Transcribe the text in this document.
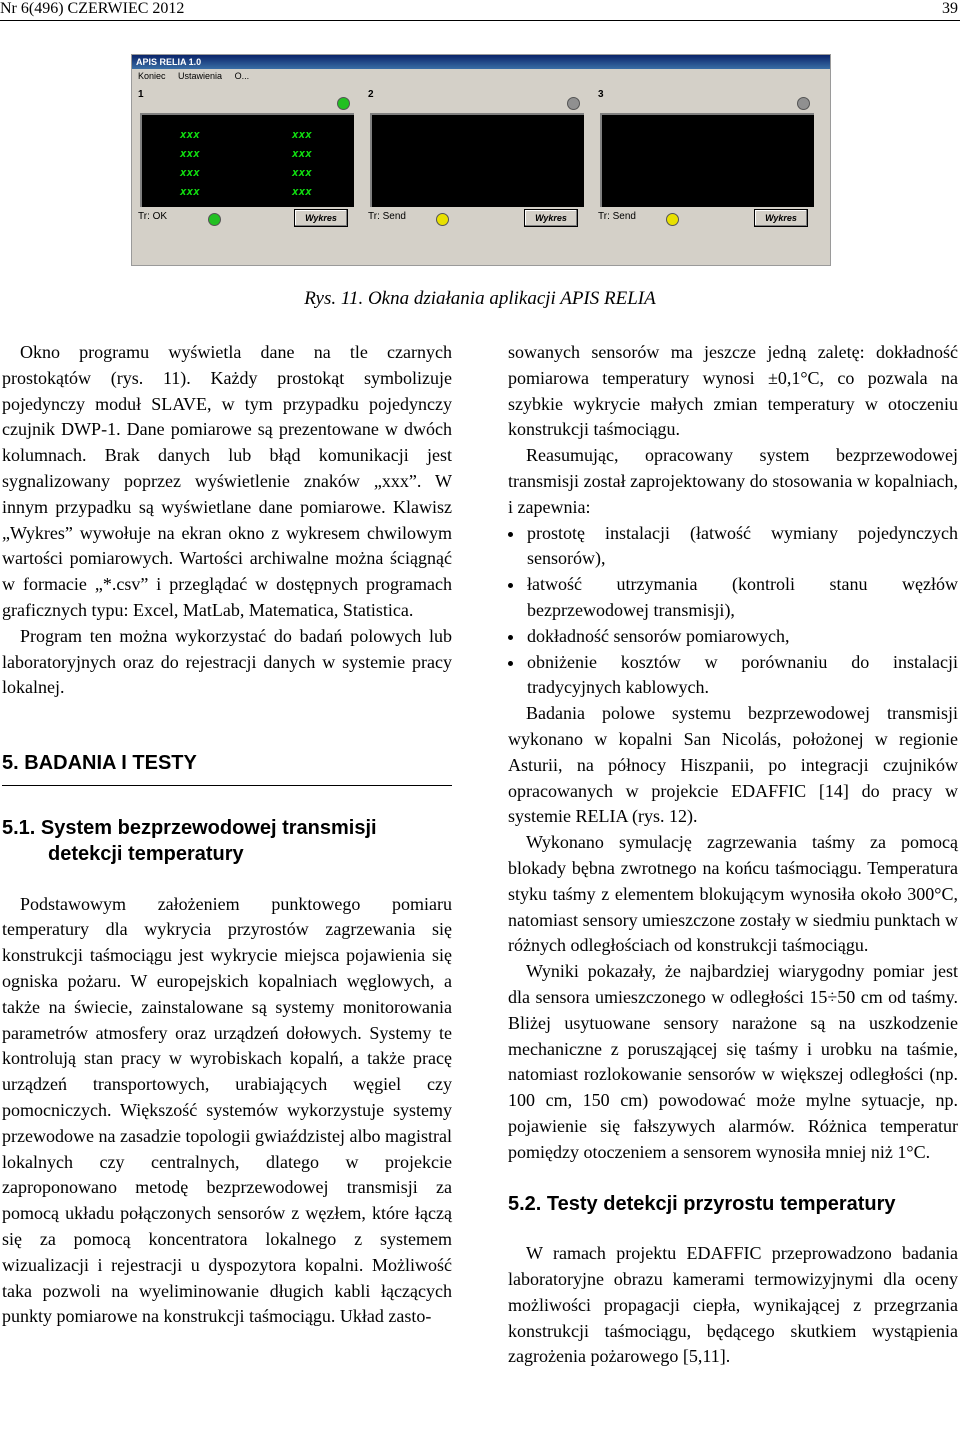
Nr 6(496) CZERWIEC 2012	39
APIS RELIA 1.0
Koniec Ustawienia O...
1
xxx
xxx
xxx
xxx
xxx
xxx
xxx
xxx
Tr: OK	Wykres
2
Tr: Send	Wykres
3
Tr: Send	Wykres
Rys. 11. Okna działania aplikacji APIS RELIA

Okno programu wyświetla dane na tle czarnych prostokątów (rys. 11). Każdy prostokąt symbolizuje pojedynczy moduł SLAVE, w tym przypadku pojedynczy czujnik DWP-1. Dane pomiarowe są prezentowane w dwóch kolumnach. Brak danych lub błąd komunikacji jest sygnalizowany poprzez wyświetlenie znaków „xxx”. W innym przypadku są wyświetlane dane pomiarowe. Klawisz „Wykres” wywołuje na ekran okno z wykresem chwilowym wartości pomiarowych. Wartości archiwalne można ściągnąć w formacie „*.csv” i przeglądać w dostępnych programach graficznych typu: Excel, MatLab, Matematica, Statistica.

Program ten można wykorzystać do badań polowych lub laboratoryjnych oraz do rejestracji danych w systemie pracy lokalnej.

5. BADANIA I TESTY

5.1. System bezprzewodowej transmisji

detekcji temperatury

Podstawowym założeniem punktowego pomiaru temperatury dla wykrycia przyrostów zagrzewania się konstrukcji taśmociągu jest wykrycie miejsca pojawienia się ogniska pożaru. W europejskich kopalniach węglowych, a także na świecie, zainstalowane są systemy monitorowania parametrów atmosfery oraz urządzeń dołowych. Systemy te kontrolują stan pracy w wyrobiskach kopalń, a także pracę urządzeń transportowych, urabiających węgiel czy pomocniczych. Większość systemów wykorzystuje systemy przewodowe na zasadzie topologii gwiaździstej albo magistral lokalnych czy centralnych, dlatego w projekcie zaproponowano metodę bezprzewodowej transmisji za pomocą układu połączonych sensorów z węzłem, które łączą się za pomocą koncentratora lokalnego z systemem wizualizacji i rejestracji u dyspozytora kopalni. Możliwość taka pozwoli na wyeliminowanie długich kabli łączących punkty pomiarowe na konstrukcji taśmociągu. Układ zasto-

sowanych sensorów ma jeszcze jedną zaletę: dokładność pomiarowa temperatury wynosi ±0,1°C, co pozwala na szybkie wykrycie małych zmian temperatury w otoczeniu konstrukcji taśmociągu.

Reasumując, opracowany system bezprzewodowej transmisji został zaprojektowany do stosowania w kopalniach, i zapewnia:

• prostotę instalacji (łatwość wymiany pojedynczych sensorów),
• łatwość utrzymania (kontroli stanu węzłów bezprzewodowej transmisji),
• dokładność sensorów pomiarowych,
• obniżenie kosztów w porównaniu do instalacji tradycyjnych kablowych.

Badania polowe systemu bezprzewodowej transmisji wykonano w kopalni San Nicolás, położonej w regionie Asturii, na północy Hiszpanii, po integracji czujników opracowanych w projekcie EDAFFIC [14] do pracy w systemie RELIA (rys. 12).

Wykonano symulację zagrzewania taśmy za pomocą blokady bębna zwrotnego na końcu taśmociągu. Temperatura styku taśmy z elementem blokującym wynosiła około 300°C, natomiast sensory umieszczone zostały w siedmiu punktach w różnych odległościach od konstrukcji taśmociągu.

Wyniki pokazały, że najbardziej wiarygodny pomiar jest dla sensora umieszczonego w odległości 15÷50 cm od taśmy. Bliżej usytuowane sensory narażone są na uszkodzenie mechaniczne z porusząjącej się taśmy i urobku na taśmie, natomiast rozlokowanie sensorów w większej odległości (np. 100 cm, 150 cm) powodować może mylne sytuacje, np. pojawienie się fałszywych alarmów. Różnica temperatur pomiędzy otoczeniem a sensorem wynosiła mniej niż 1°C.

5.2. Testy detekcji przyrostu temperatury

W ramach projektu EDAFFIC przeprowadzono badania laboratoryjne obrazu kamerami termowizyjnymi dla oceny możliwości propagacji ciepła, wynikającej z przegrzania konstrukcji taśmociągu, będącego skutkiem wystąpienia zagrożenia pożarowego [5,11].
